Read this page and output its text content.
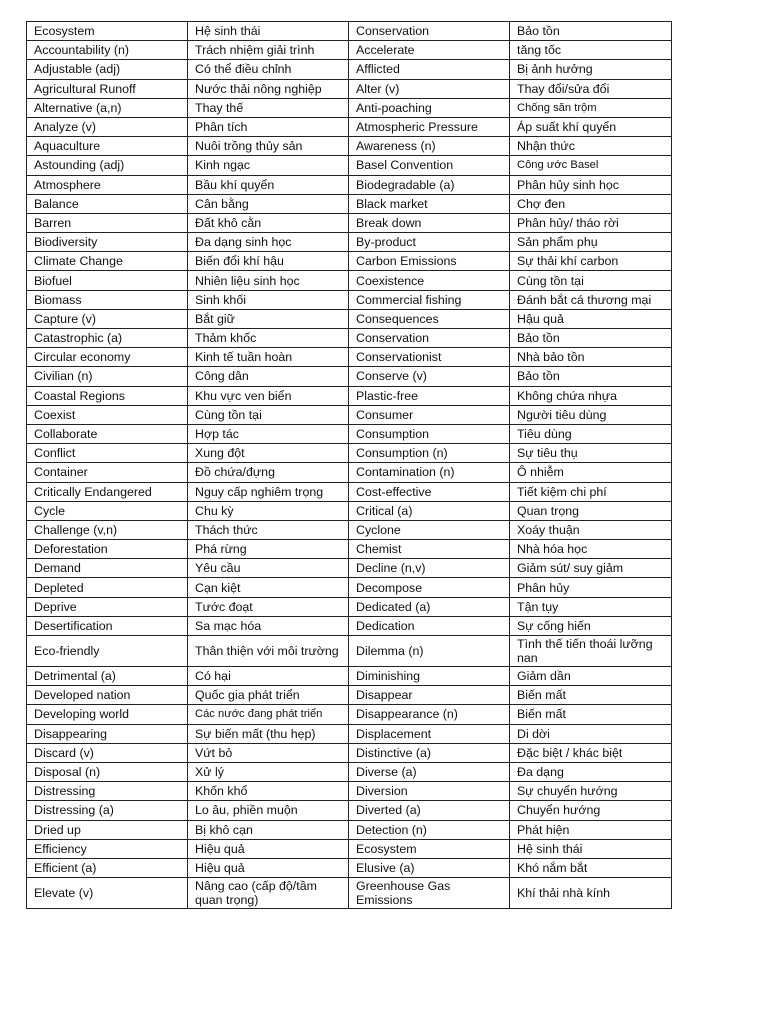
Ecosystem	Hệ sinh thái	Conservation	Bảo tồn
Accountability (n)	Trách nhiệm giải trình	Accelerate	tăng tốc
Adjustable (adj)	Có thể điều chỉnh	Afflicted	Bị ảnh hưởng
Agricultural Runoff	Nước thải nông nghiệp	Alter (v)	Thay đổi/sửa đổi
Alternative (a,n)	Thay thế	Anti-poaching	Chống săn trộm
Analyze (v)	Phân tích	Atmospheric Pressure	Áp suất khí quyển
Aquaculture	Nuôi trồng thủy sản	Awareness (n)	Nhận thức
Astounding (adj)	Kinh ngạc	Basel Convention	Công ước Basel
Atmosphere	Bầu khí quyển	Biodegradable (a)	Phân hủy sinh học
Balance	Cân bằng	Black market	Chợ đen
Barren	Đất khô cằn	Break down	Phân hủy/ tháo rời
Biodiversity	Đa dạng sinh học	By-product	Sản phẩm phụ
Climate Change	Biến đổi khí hậu	Carbon Emissions	Sự thải khí carbon
Biofuel	Nhiên liệu sinh học	Coexistence	Cùng tồn tại
Biomass	Sinh khối	Commercial fishing	Đánh bắt cá thương mại
Capture (v)	Bắt giữ	Consequences	Hậu quả
Catastrophic (a)	Thảm khốc	Conservation	Bảo tồn
Circular economy	Kinh tế tuần hoàn	Conservationist	Nhà bảo tồn
Civilian (n)	Công dân	Conserve (v)	Bảo tồn
Coastal Regions	Khu vực ven biển	Plastic-free	Không chứa nhựa
Coexist	Cùng tồn tại	Consumer	Người tiêu dùng
Collaborate	Hợp tác	Consumption	Tiêu dùng
Conflict	Xung đột	Consumption (n)	Sự tiêu thụ
Container	Đồ chứa/đựng	Contamination (n)	Ô nhiễm
Critically Endangered	Nguy cấp nghiêm trọng	Cost-effective	Tiết kiệm chi phí
Cycle	Chu kỳ	Critical (a)	Quan trọng
Challenge (v,n)	Thách thức	Cyclone	Xoáy thuận
Deforestation	Phá rừng	Chemist	Nhà hóa học
Demand	Yêu cầu	Decline (n,v)	Giảm sút/ suy giảm
Depleted	Cạn kiệt	Decompose	Phân hủy
Deprive	Tước đoạt	Dedicated (a)	Tận tụy
Desertification	Sa mạc hóa	Dedication	Sự cống hiến
Eco-friendly	Thân thiện với môi trường	Dilemma (n)	Tình thế tiến thoái lưỡng nan
Detrimental (a)	Có hại	Diminishing	Giảm dần
Developed nation	Quốc gia phát triển	Disappear	Biến mất
Developing world	Các nước đang phát triển	Disappearance (n)	Biến mất
Disappearing	Sự biến mất (thu hẹp)	Displacement	Di dời
Discard (v)	Vứt bỏ	Distinctive (a)	Đặc biệt / khác biệt
Disposal (n)	Xử lý	Diverse (a)	Đa dạng
Distressing	Khốn khổ	Diversion	Sự chuyển hướng
Distressing (a)	Lo âu, phiền muộn	Diverted (a)	Chuyển hướng
Dried up	Bị khô cạn	Detection (n)	Phát hiện
Efficiency	Hiệu quả	Ecosystem	Hệ sinh thái
Efficient (a)	Hiệu quả	Elusive (a)	Khó nắm bắt
Elevate (v)	Nâng cao (cấp độ/tầm quan trọng)	Greenhouse Gas Emissions	Khí thải nhà kính
